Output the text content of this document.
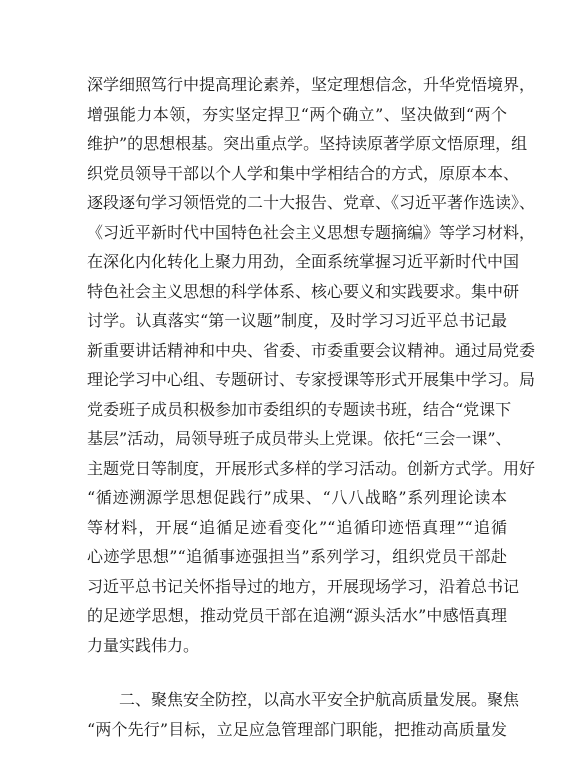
深学细照笃行中提高理论素养，坚定理想信念，升华党悟境界，
增强能力本领，夯实坚定捍卫“两个确立”、坚决做到“两个
维护”的思想根基。突出重点学。坚持读原著学原文悟原理，组
织党员领导干部以个人学和集中学相结合的方式，原原本本、
逐段逐句学习领悟党的二十大报告、党章、《习近平著作选读》、
《习近平新时代中国特色社会主义思想专题摘编》等学习材料，
在深化内化转化上聚力用劲，全面系统掌握习近平新时代中国
特色社会主义思想的科学体系、核心要义和实践要求。集中研
讨学。认真落实“第一议题”制度，及时学习习近平总书记最
新重要讲话精神和中央、省委、市委重要会议精神。通过局党委
理论学习中心组、专题研讨、专家授课等形式开展集中学习。局
党委班子成员积极参加市委组织的专题读书班，结合“党课下
基层”活动，局领导班子成员带头上党课。依托“三会一课”、
主题党日等制度，开展形式多样的学习活动。创新方式学。用好
“循迹溯源学思想促践行”成果、“八八战略”系列理论读本
等材料，开展“追循足迹看变化”“追循印迹悟真理”“追循
心迹学思想”“追循事迹强担当”系列学习，组织党员干部赴
习近平总书记关怀指导过的地方，开展现场学习，沿着总书记
的足迹学思想，推动党员干部在追溯“源头活水”中感悟真理
力量实践伟力。
二、聚焦安全防控，以高水平安全护航高质量发展。聚焦
“两个先行”目标，立足应急管理部门职能，把推动高质量发
